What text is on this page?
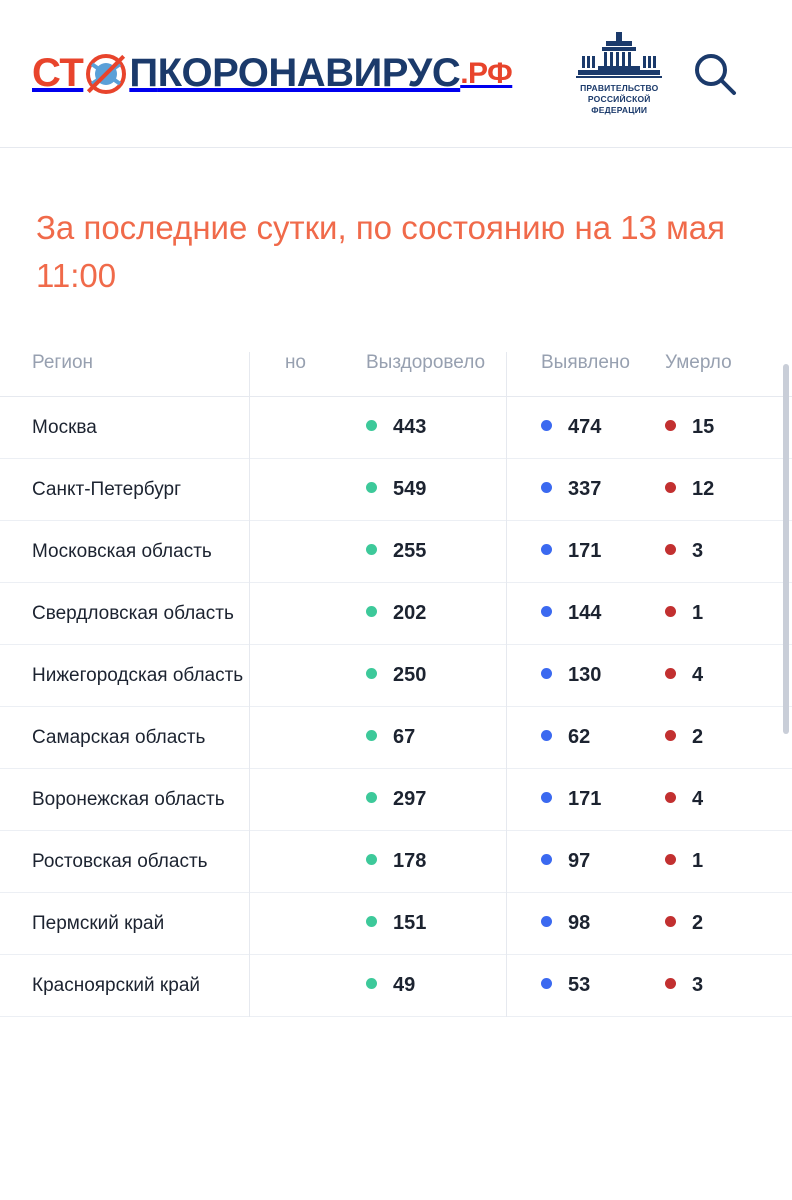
СТ П КОРОНАВИРУС .РФ	ПРАВИТЕЛЬСТВО
РОССИЙСКОЙ
ФЕДЕРАЦИИ
За последние сутки, по состоянию на 13 мая 11:00
Регион	но	Выздоровело	Выявлено	Умерло
Москва		443	474	15
Санкт-Петербург		549	337	12
Московская область		255	171	3
Свердловская область		202	144	1
Нижегородская область		250	130	4
Самарская область		67	62	2
Воронежская область		297	171	4
Ростовская область		178	97	1
Пермский край		151	98	2
Красноярский край		49	53	3
